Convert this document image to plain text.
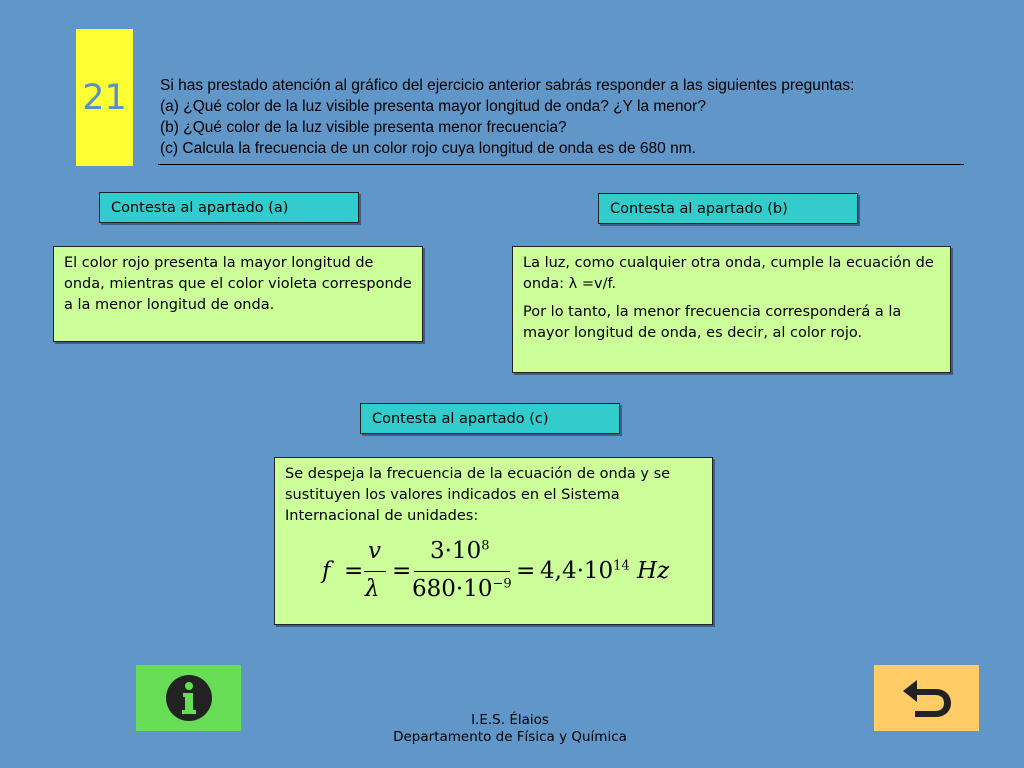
21 Si has prestado atención al gráfico del ejercicio anterior sabrás responder a las siguientes preguntas:
(a) ¿Qué color de la luz visible presenta mayor longitud de onda? ¿Y la menor?
(b) ¿Qué color de la luz visible presenta menor frecuencia?
(c) Calcula la frecuencia de un color rojo cuya longitud de onda es de 680 nm.
Contesta al apartado (a)

El color rojo presenta la mayor longitud de onda, mientras que el color violeta corresponde a la menor longitud de onda.

Contesta al apartado (b)

La luz, como cualquier otra onda, cumple la ecuación de onda: λ =v/f.

Por lo tanto, la menor frecuencia corresponderá a la mayor longitud de onda, es decir, al color rojo.

Contesta al apartado (c)

Se despeja la frecuencia de la ecuación de onda y se sustituyen los valores indicados en el Sistema Internacional de unidades:

f =
v
λ
=
$3\cdot 10^8$
$680\cdot 10^{-9} = 4,4\cdot 10^{14}$ Hz
I.E.S. Élaios
Departamento de Física y Química
